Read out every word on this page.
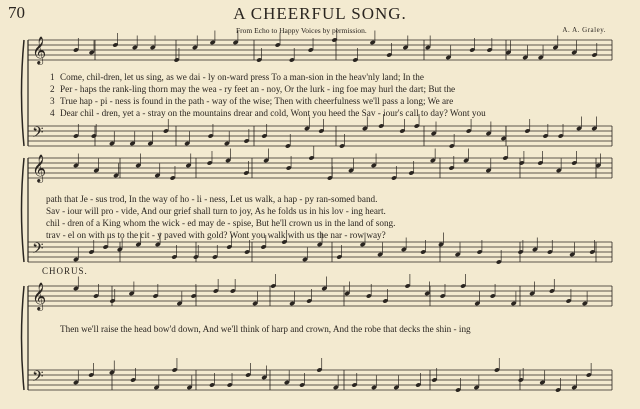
70	A CHEERFUL SONG.
From Echo to Happy Voices by permission.	A. A. Graley.
𝄞
𝄢
𝄞
𝄢
𝄞
𝄢
1 Come, chil-dren, let us sing, as we dai - ly on-ward press To a man-sion in the heav'nly land; In the
2 Per - haps the rank-ling thorn may the wea - ry feet an - noy, Or the lurk - ing foe may hurl the dart; But the
3 True hap - pi - ness is found in the path - way of the wise; Then with cheerfulness we'll pass a long; We are
4 Dear chil - dren, yet a - stray on the mountains drear and cold, Wont you heed the Sav - iour's call to day? Wont you
path that Je - sus trod, In the way of ho - li - ness, Let us walk, a hap - py ran-somed band.
Sav - iour will pro - vide, And our grief shall turn to joy, As he folds us in his lov - ing heart.
chil - dren of a King whom the wick - ed may de - spise, But he'll crown us in the land of song.
trav - el on with us to the cit - y paved with gold? Wont you walk with us the nar - row way?
CHORUS.
Then we'll raise the head bow'd down, And we'll think of harp and crown, And the robe that decks the shin - ing
